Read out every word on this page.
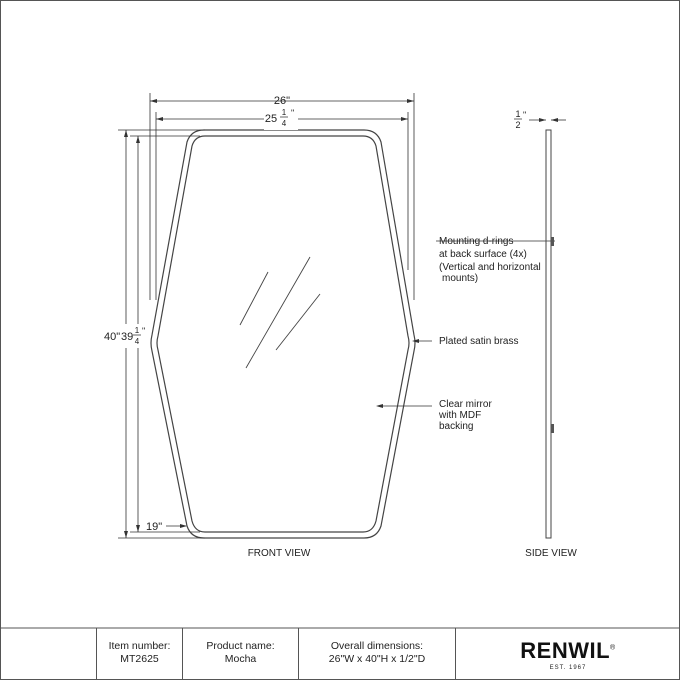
26"
25
1
4
"
40" 39
1
4
"
19"
Mounting d-rings at back surface (4x) (Vertical and horizontal mounts)
Plated satin brass
Clear mirror with MDF backing
1
2
"
FRONT VIEW	SIDE VIEW
Item number:
MT2625
Product name:
Mocha
Overall dimensions:
26"W x 40"H x 1/2"D	RENWIL®
EST. 1967
